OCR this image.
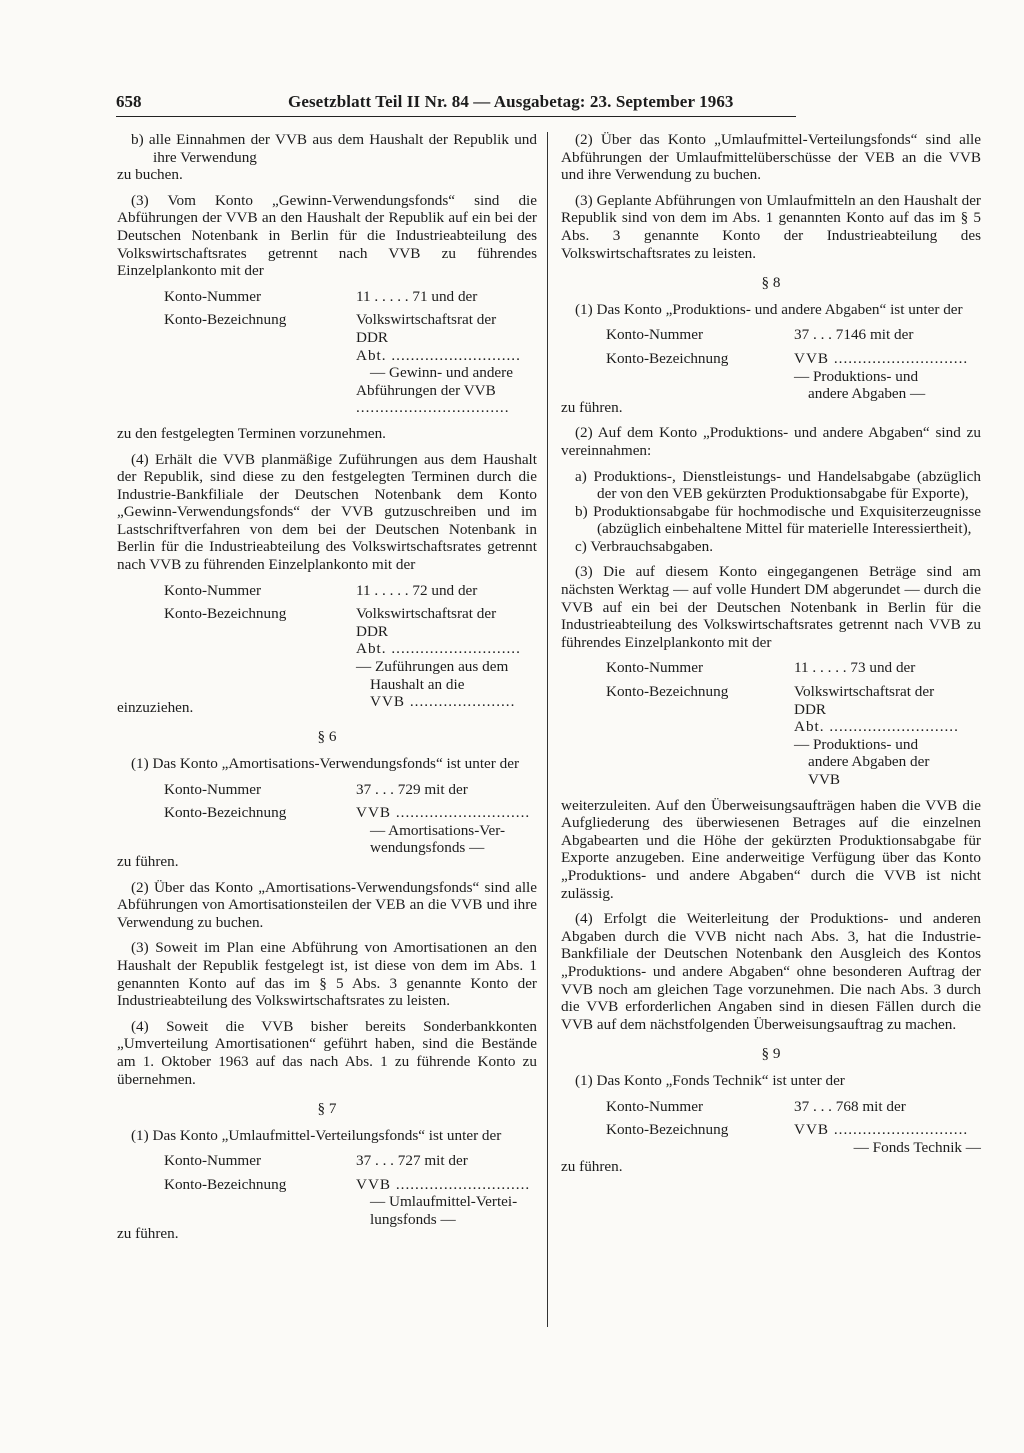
658	Gesetzblatt Teil II Nr. 84 — Ausgabetag: 23. September 1963

b) alle Einnahmen der VVB aus dem Haushalt der Republik und ihre Verwendung

zu buchen.

(3) Vom Konto „Gewinn-Verwendungsfonds“ sind die Abführungen der VVB an den Haushalt der Republik auf ein bei der Deutschen Notenbank in Berlin für die Industrieabteilung des Volkswirtschaftsrates getrennt nach VVB zu führendes Einzelplankonto mit der

Konto-Nummer	11 . . . . . 71 und der
Konto-Bezeichnung	Volkswirtschaftsrat der
DDR
Abt. ...........................
— Gewinn- und andere
Abführungen der VVB
................................

zu den festgelegten Terminen vorzunehmen.

(4) Erhält die VVB planmäßige Zuführungen aus dem Haushalt der Republik, sind diese zu den festgelegten Terminen durch die Industrie-Bankfiliale der Deutschen Notenbank dem Konto „Gewinn-Verwendungsfonds“ der VVB gutzuschreiben und im Lastschriftverfahren von dem bei der Deutschen Notenbank in Berlin für die Industrieabteilung des Volkswirtschaftsrates getrennt nach VVB zu führenden Einzelplankonto mit der

Konto-Nummer	11 . . . . . 72 und der
Konto-Bezeichnung	Volkswirtschaftsrat der
DDR
Abt. ...........................
— Zuführungen aus dem
Haushalt an die
VVB ......................

einzuziehen.

§ 6

(1) Das Konto „Amortisations-Verwendungsfonds“ ist unter der

Konto-Nummer	37 . . . 729 mit der
Konto-Bezeichnung	VVB ............................
— Amortisations-Ver-
wendungsfonds —

zu führen.

(2) Über das Konto „Amortisations-Verwendungsfonds“ sind alle Abführungen von Amortisationsteilen der VEB an die VVB und ihre Verwendung zu buchen.

(3) Soweit im Plan eine Abführung von Amortisationen an den Haushalt der Republik festgelegt ist, ist diese von dem im Abs. 1 genannten Konto auf das im § 5 Abs. 3 genannte Konto der Industrieabteilung des Volkswirtschaftsrates zu leisten.

(4) Soweit die VVB bisher bereits Sonderbankkonten „Umverteilung Amortisationen“ geführt haben, sind die Bestände am 1. Oktober 1963 auf das nach Abs. 1 zu führende Konto zu übernehmen.

§ 7

(1) Das Konto „Umlaufmittel-Verteilungsfonds“ ist unter der

Konto-Nummer	37 . . . 727 mit der
Konto-Bezeichnung	VVB ............................
— Umlaufmittel-Vertei-
lungsfonds —

zu führen.

(2) Über das Konto „Umlaufmittel-Verteilungsfonds“ sind alle Abführungen der Umlaufmittelüberschüsse der VEB an die VVB und ihre Verwendung zu buchen.

(3) Geplante Abführungen von Umlaufmitteln an den Haushalt der Republik sind von dem im Abs. 1 genannten Konto auf das im § 5 Abs. 3 genannte Konto der Industrieabteilung des Volkswirtschaftsrates zu leisten.

§ 8

(1) Das Konto „Produktions- und andere Abgaben“ ist unter der

Konto-Nummer	37 . . . 7146 mit der
Konto-Bezeichnung	VVB ............................
— Produktions- und
andere Abgaben —

zu führen.

(2) Auf dem Konto „Produktions- und andere Abgaben“ sind zu vereinnahmen:

a) Produktions-, Dienstleistungs- und Handelsabgabe (abzüglich der von den VEB gekürzten Produktionsabgabe für Exporte),

b) Produktionsabgabe für hochmodische und Exquisiterzeugnisse (abzüglich einbehaltene Mittel für materielle Interessiertheit),

c) Verbrauchsabgaben.

(3) Die auf diesem Konto eingegangenen Beträge sind am nächsten Werktag — auf volle Hundert DM abgerundet — durch die VVB auf ein bei der Deutschen Notenbank in Berlin für die Industrieabteilung des Volkswirtschaftsrates getrennt nach VVB zu führendes Einzelplankonto mit der

Konto-Nummer	11 . . . . . 73 und der
Konto-Bezeichnung	Volkswirtschaftsrat der
DDR
Abt. ...........................
— Produktions- und
andere Abgaben der
VVB

weiterzuleiten. Auf den Überweisungsaufträgen haben die VVB die Aufgliederung des überwiesenen Betrages auf die einzelnen Abgabearten und die Höhe der gekürzten Produktionsabgabe für Exporte anzugeben. Eine anderweitige Verfügung über das Konto „Produktions- und andere Abgaben“ durch die VVB ist nicht zulässig.

(4) Erfolgt die Weiterleitung der Produktions- und anderen Abgaben durch die VVB nicht nach Abs. 3, hat die Industrie-Bankfiliale der Deutschen Notenbank den Ausgleich des Kontos „Produktions- und andere Abgaben“ ohne besonderen Auftrag der VVB noch am gleichen Tage vorzunehmen. Die nach Abs. 3 durch die VVB erforderlichen Angaben sind in diesen Fällen durch die VVB auf dem nächstfolgenden Überweisungsauftrag zu machen.

§ 9

(1) Das Konto „Fonds Technik“ ist unter der

Konto-Nummer	37 . . . 768 mit der
Konto-Bezeichnung	VVB ............................
— Fonds Technik —

zu führen.
